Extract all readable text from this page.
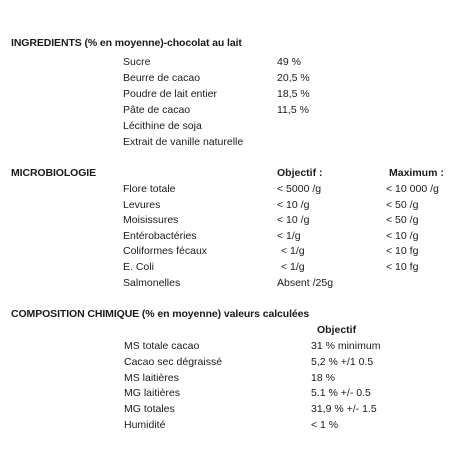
INGREDIENTS (% en moyenne)-chocolat au lait
Sucre	49 %
Beurre de cacao	20,5 %
Poudre de lait entier	18,5 %
Pâte de cacao	11,5 %
Lécithine de soja
Extrait de vanille naturelle
MICROBIOLOGIE	Objectif :	Maximum :
Flore totale	< 5000 /g	< 10 000 /g
Levures	< 10 /g	< 50 /g
Moisissures	< 10 /g	< 50 /g
Entérobactéries	< 1/g	< 10 /g
Coliformes fécaux	< 1/g	< 10 fg
E. Coli	< 1/g	< 10 fg
Salmonelles	Absent /25g
COMPOSITION CHIMIQUE (% en moyenne) valeurs calculées
Objectif
MS totale cacao	31 % minimum
Cacao sec dégraissé	5,2 % +/1 0.5
MS laitières	18 %
MG laitières	5.1 % +/- 0.5
MG totales	31,9 % +/- 1.5
Humidité	< 1 %
